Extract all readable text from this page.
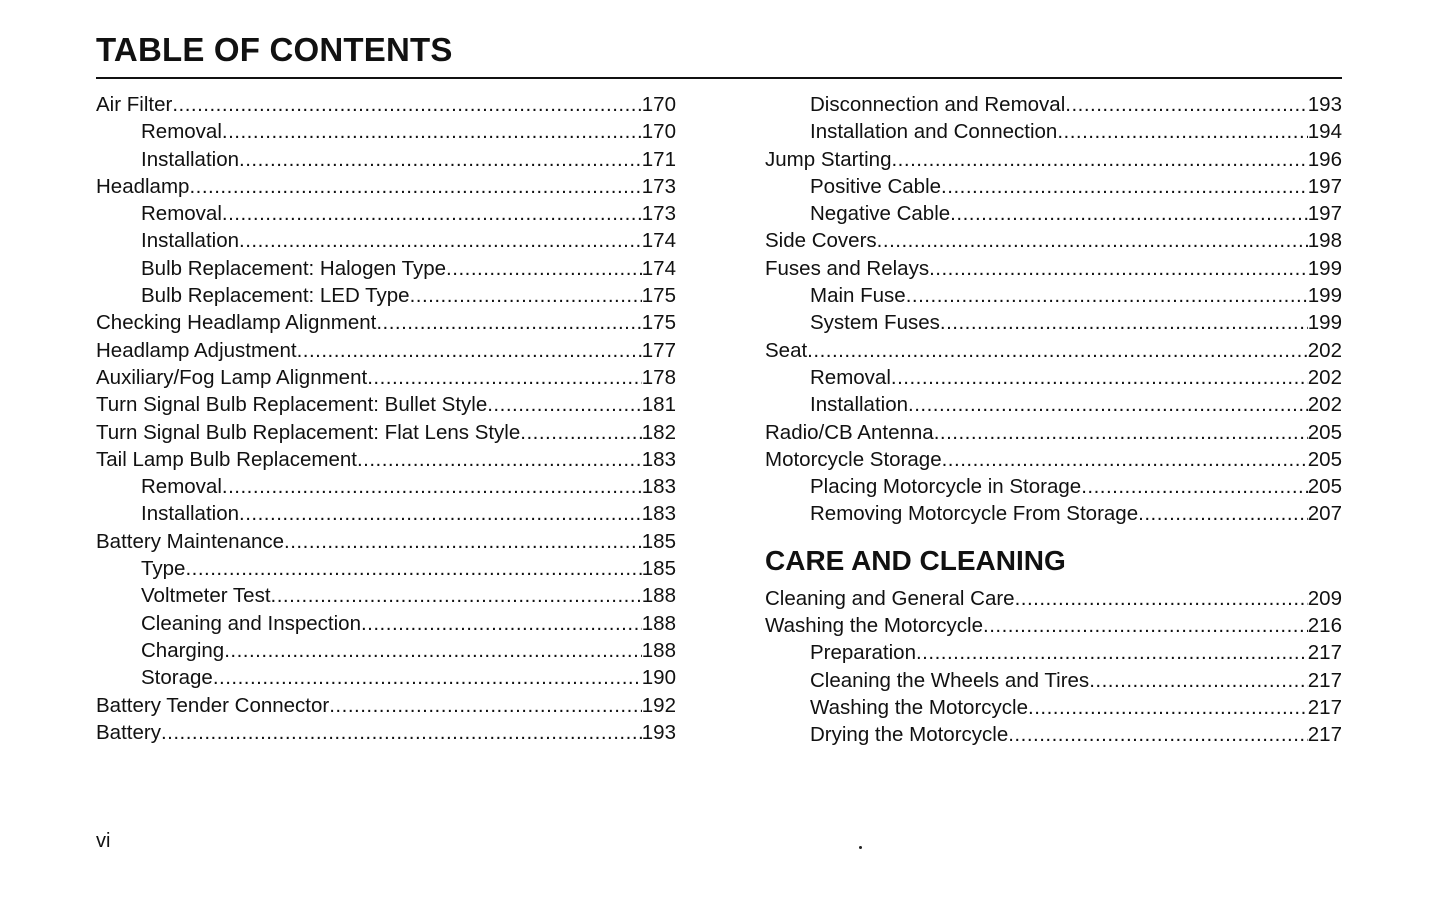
TABLE OF CONTENTS
Air Filter .....	170
Removal .....	170
Installation .....	171
Headlamp .....	173
Removal .....	173
Installation .....	174
Bulb Replacement: Halogen Type .....	174
Bulb Replacement: LED Type .....	175
Checking Headlamp Alignment .....	175
Headlamp Adjustment .....	177
Auxiliary/Fog Lamp Alignment .....	178
Turn Signal Bulb Replacement: Bullet Style .....	181
Turn Signal Bulb Replacement: Flat Lens Style .....	182
Tail Lamp Bulb Replacement .....	183
Removal .....	183
Installation .....	183
Battery Maintenance .....	185
Type .....	185
Voltmeter Test .....	188
Cleaning and Inspection .....	188
Charging .....	188
Storage .....	190
Battery Tender Connector .....	192
Battery .....	193
Disconnection and Removal .....	193
Installation and Connection .....	194
Jump Starting .....	196
Positive Cable .....	197
Negative Cable .....	197
Side Covers .....	198
Fuses and Relays .....	199
Main Fuse .....	199
System Fuses .....	199
Seat .....	202
Removal .....	202
Installation .....	202
Radio/CB Antenna .....	205
Motorcycle Storage .....	205
Placing Motorcycle in Storage .....	205
Removing Motorcycle From Storage .....	207
CARE AND CLEANING
Cleaning and General Care .....	209
Washing the Motorcycle .....	216
Preparation .....	217
Cleaning the Wheels and Tires .....	217
Washing the Motorcycle .....	217
Drying the Motorcycle .....	217
vi
